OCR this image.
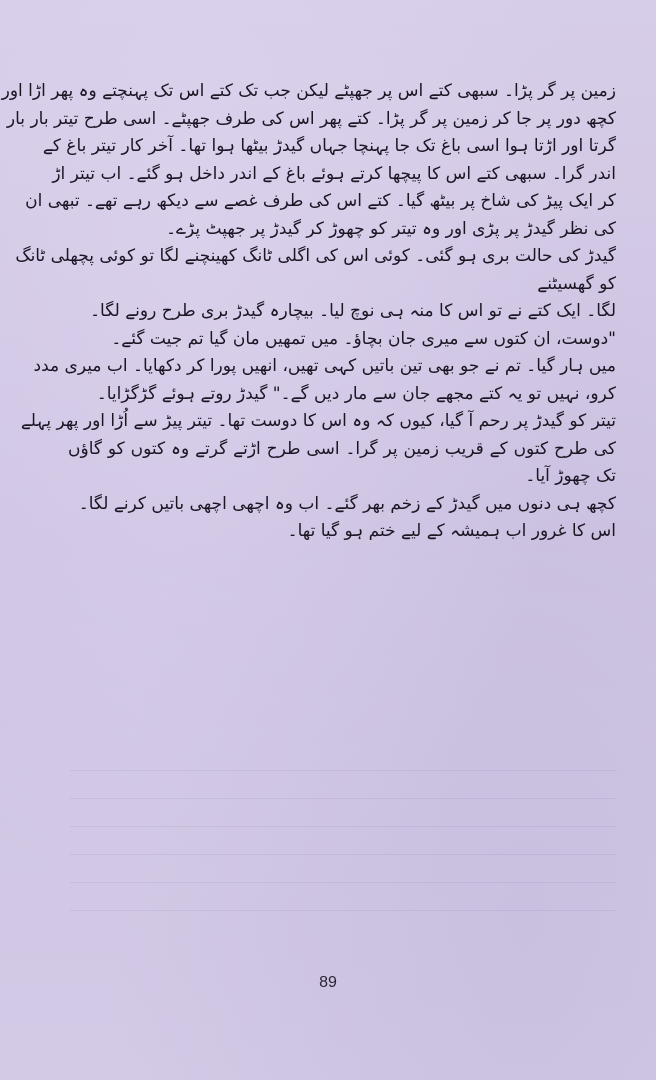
زمین پر گر پڑا۔ سبھی کتے اس پر جھپٹے لیکن جب تک کتے اس تک پہنچتے وہ پھر اڑا اور
کچھ دور پر جا کر زمین پر گر پڑا۔ کتے پھر اس کی طرف جھپٹے۔ اسی طرح تیتر بار بار
گرتا اور اڑتا ہوا اسی باغ تک جا پہنچا جہاں گیدڑ بیٹھا ہوا تھا۔ آخر کار تیتر باغ کے
اندر گرا۔ سبھی کتے اس کا پیچھا کرتے ہوئے باغ کے اندر داخل ہو گئے۔ اب تیتر اڑ
کر ایک پیڑ کی شاخ پر بیٹھ گیا۔ کتے اس کی طرف غصے سے دیکھ رہے تھے۔ تبھی ان
کی نظر گیدڑ پر پڑی اور وہ تیتر کو چھوڑ کر گیدڑ پر جھپٹ پڑے۔
گیدڑ کی حالت بری ہو گئی۔ کوئی اس کی اگلی ٹانگ کھینچنے لگا تو کوئی پچھلی ٹانگ
کو گھسیٹنے
لگا۔ ایک کتے نے تو اس کا منہ ہی نوچ لیا۔ بیچارہ گیدڑ بری طرح رونے لگا۔
"دوست، ان کتوں سے میری جان بچاؤ۔ میں تمھیں مان گیا تم جیت گئے۔
میں ہار گیا۔ تم نے جو بھی تین باتیں کہی تھیں، انھیں پورا کر دکھایا۔ اب میری مدد
کرو، نہیں تو یہ کتے مجھے جان سے مار دیں گے۔" گیدڑ روتے ہوئے گڑگڑایا۔
تیتر کو گیدڑ پر رحم آ گیا، کیوں کہ وہ اس کا دوست تھا۔ تیتر پیڑ سے اُڑا اور پھر پہلے
کی طرح کتوں کے قریب زمین پر گرا۔ اسی طرح اڑتے گرتے وہ کتوں کو گاؤں
تک چھوڑ آیا۔
کچھ ہی دنوں میں گیدڑ کے زخم بھر گئے۔ اب وہ اچھی اچھی باتیں کرنے لگا۔
اس کا غرور اب ہمیشہ کے لیے ختم ہو گیا تھا۔
89
